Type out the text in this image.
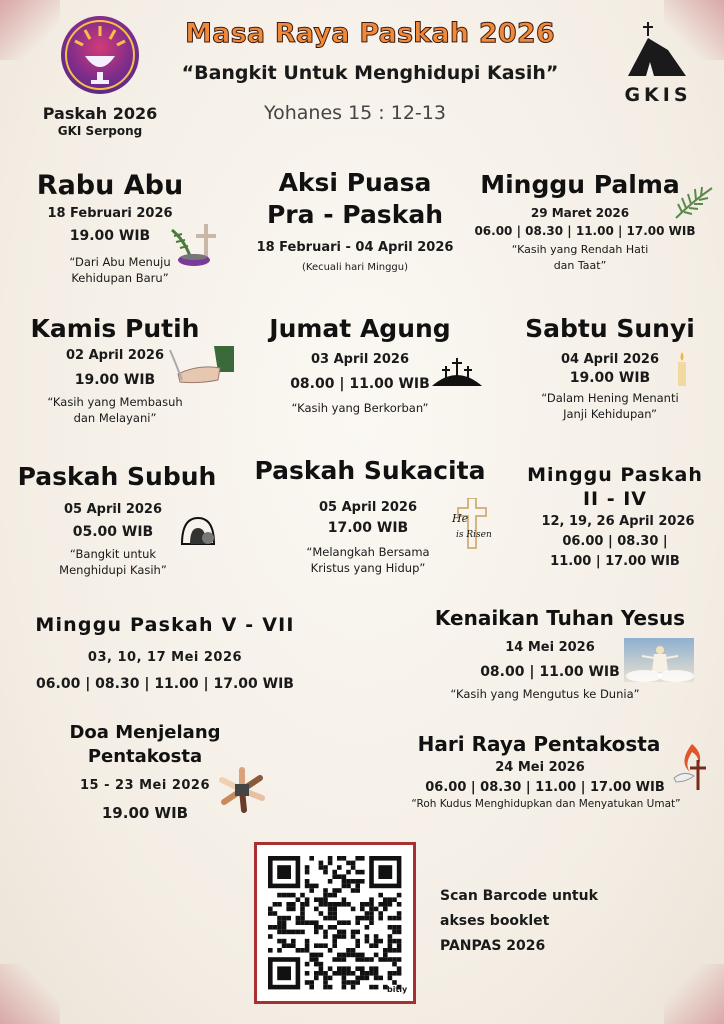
Paskah 2026
GKI Serpong
Masa Raya Paskah 2026
“Bangkit Untuk Menghidupi Kasih”
Yohanes 15 : 12-13
GKIS
Rabu Abu
18 Februari 2026
19.00 WIB
“Dari Abu Menuju
Kehidupan Baru”
Aksi Puasa
Pra - Paskah
18 Februari - 04 April 2026
(Kecuali hari Minggu)
Minggu Palma
29 Maret 2026
06.00 | 08.30 | 11.00 | 17.00 WIB
“Kasih yang Rendah Hati
dan Taat”
Kamis Putih
02 April 2026
19.00 WIB
“Kasih yang Membasuh
dan Melayani”
Jumat Agung
03 April 2026
08.00 | 11.00 WIB
“Kasih yang Berkorban”
Sabtu Sunyi
04 April 2026
19.00 WIB
“Dalam Hening Menanti
Janji Kehidupan”
Paskah Subuh
05 April 2026
05.00 WIB
“Bangkit untuk
Menghidupi Kasih”
Paskah Sukacita
05 April 2026
17.00 WIB
“Melangkah Bersama
Kristus yang Hidup”
He
is Risen
Minggu Paskah
II - IV
12, 19, 26 April 2026
06.00 | 08.30 |
11.00 | 17.00 WIB
Minggu Paskah V - VII
03, 10, 17 Mei 2026
06.00 | 08.30 | 11.00 | 17.00 WIB
Kenaikan Tuhan Yesus
14 Mei 2026
08.00 | 11.00 WIB
“Kasih yang Mengutus ke Dunia”
Doa Menjelang
Pentakosta
15 - 23 Mei 2026
19.00 WIB
Hari Raya Pentakosta
24 Mei 2026
06.00 | 08.30 | 11.00 | 17.00 WIB
“Roh Kudus Menghidupkan dan Menyatukan Umat”
bitly
Scan Barcode untuk
akses booklet
PANPAS 2026
